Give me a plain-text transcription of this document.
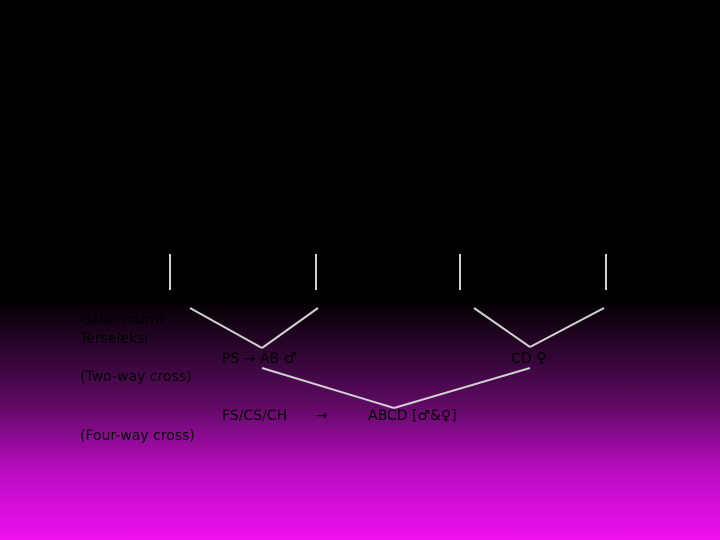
Manusia (Breeder) : sangat berperan dalam proses persilangan untuk
mendapatkan sifat yang dikehendaki ⇒ayam unggul
Contoh : Persilangan yang dilakukan untuk mendapatkan ayam unggul
♂ ♀
A x A
♂ ♀
B x B
♂ ♀
C x C
♂ ♀
D x D
GPS →
Galur murni
Terseleksi
A ♂	B ♀	C♂	D ♀
PS → AB ♂	CD ♀
(Two-way cross)
FS/CS/CH →	ABCD [♂&♀]
(Four-way cross)
